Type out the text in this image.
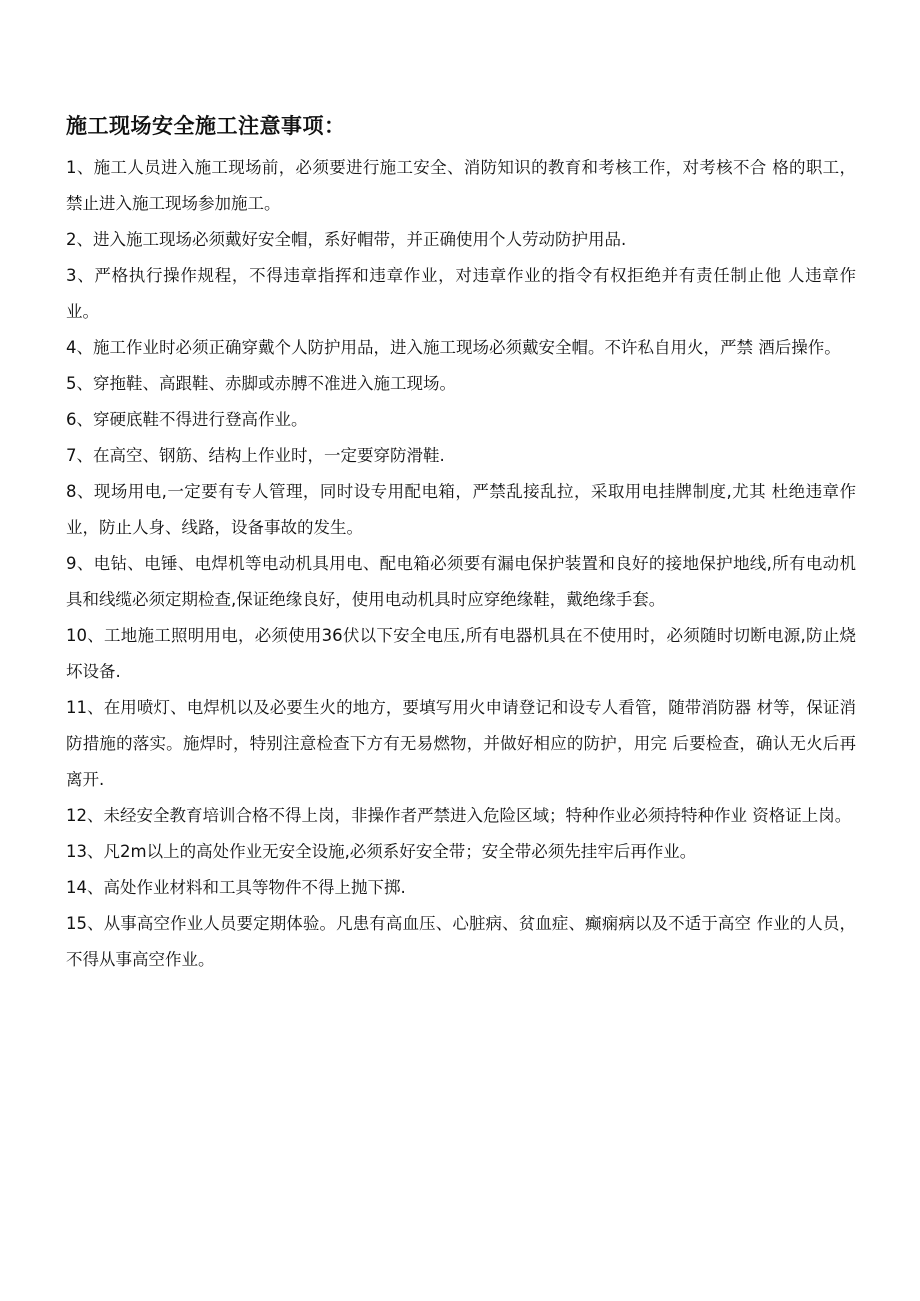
施工现场安全施工注意事项：

1、施工人员进入施工现场前，必须要进行施工安全、消防知识的教育和考核工作，对考核不合 格的职工，禁止进入施工现场参加施工。

2、进入施工现场必须戴好安全帽，系好帽带，并正确使用个人劳动防护用品.

3、严格执行操作规程，不得违章指挥和违章作业，对违章作业的指令有权拒绝并有责任制止他 人违章作业。

4、施工作业时必须正确穿戴个人防护用品，进入施工现场必须戴安全帽。不许私自用火，严禁 酒后操作。

5、穿拖鞋、高跟鞋、赤脚或赤膊不准进入施工现场。

6、穿硬底鞋不得进行登高作业。

7、在高空、钢筋、结构上作业时，一定要穿防滑鞋.

8、现场用电,一定要有专人管理，同时设专用配电箱，严禁乱接乱拉，采取用电挂牌制度,尤其 杜绝违章作业，防止人身、线路，设备事故的发生。

9、电钻、电锤、电焊机等电动机具用电、配电箱必须要有漏电保护装置和良好的接地保护地线,所有电动机具和线缆必须定期检查,保证绝缘良好，使用电动机具时应穿绝缘鞋，戴绝缘手套。

10、工地施工照明用电，必须使用36伏以下安全电压,所有电器机具在不使用时，必须随时切断电源,防止烧坏设备.

11、在用喷灯、电焊机以及必要生火的地方，要填写用火申请登记和设专人看管，随带消防器 材等，保证消防措施的落实。施焊时，特别注意检查下方有无易燃物，并做好相应的防护，用完 后要检查，确认无火后再离开.

12、未经安全教育培训合格不得上岗，非操作者严禁进入危险区域；特种作业必须持特种作业 资格证上岗。

13、凡2m以上的高处作业无安全设施,必须系好安全带；安全带必须先挂牢后再作业。

14、高处作业材料和工具等物件不得上抛下掷.

15、从事高空作业人员要定期体验。凡患有高血压、心脏病、贫血症、癫痫病以及不适于高空 作业的人员，不得从事高空作业。
